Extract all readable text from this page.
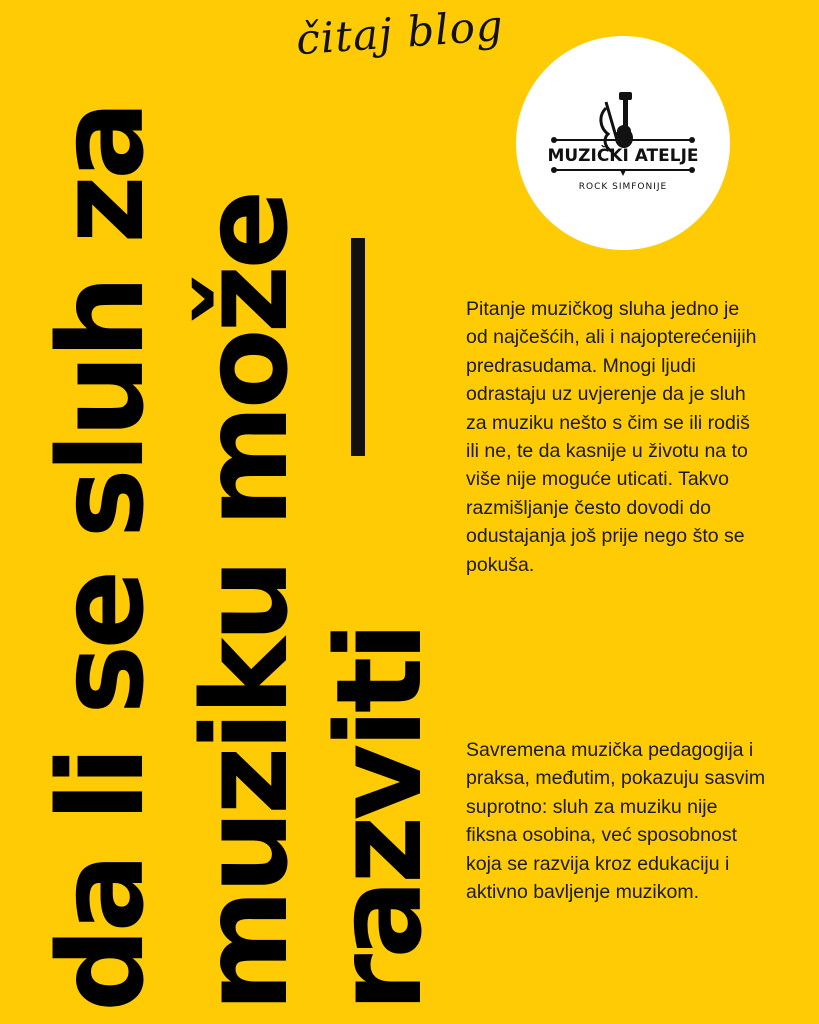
da li se sluh za muziku može
razviti
čitaj blog
MUZIČKI ATELJE
ROCK SIMFONIJE

Pitanje muzičkog sluha jedno je od najčešćih, ali i najopterećenijih predrasudama. Mnogi ljudi odrastaju uz uvjerenje da je sluh za muziku nešto s čim se ili rodiš ili ne, te da kasnije u životu na to više nije moguće uticati. Takvo razmišljanje često dovodi do odustajanja još prije nego što se pokuša.

Savremena muzička pedagogija i praksa, međutim, pokazuju sasvim suprotno: sluh za muziku nije fiksna osobina, već sposobnost koja se razvija kroz edukaciju i aktivno bavljenje muzikom.
